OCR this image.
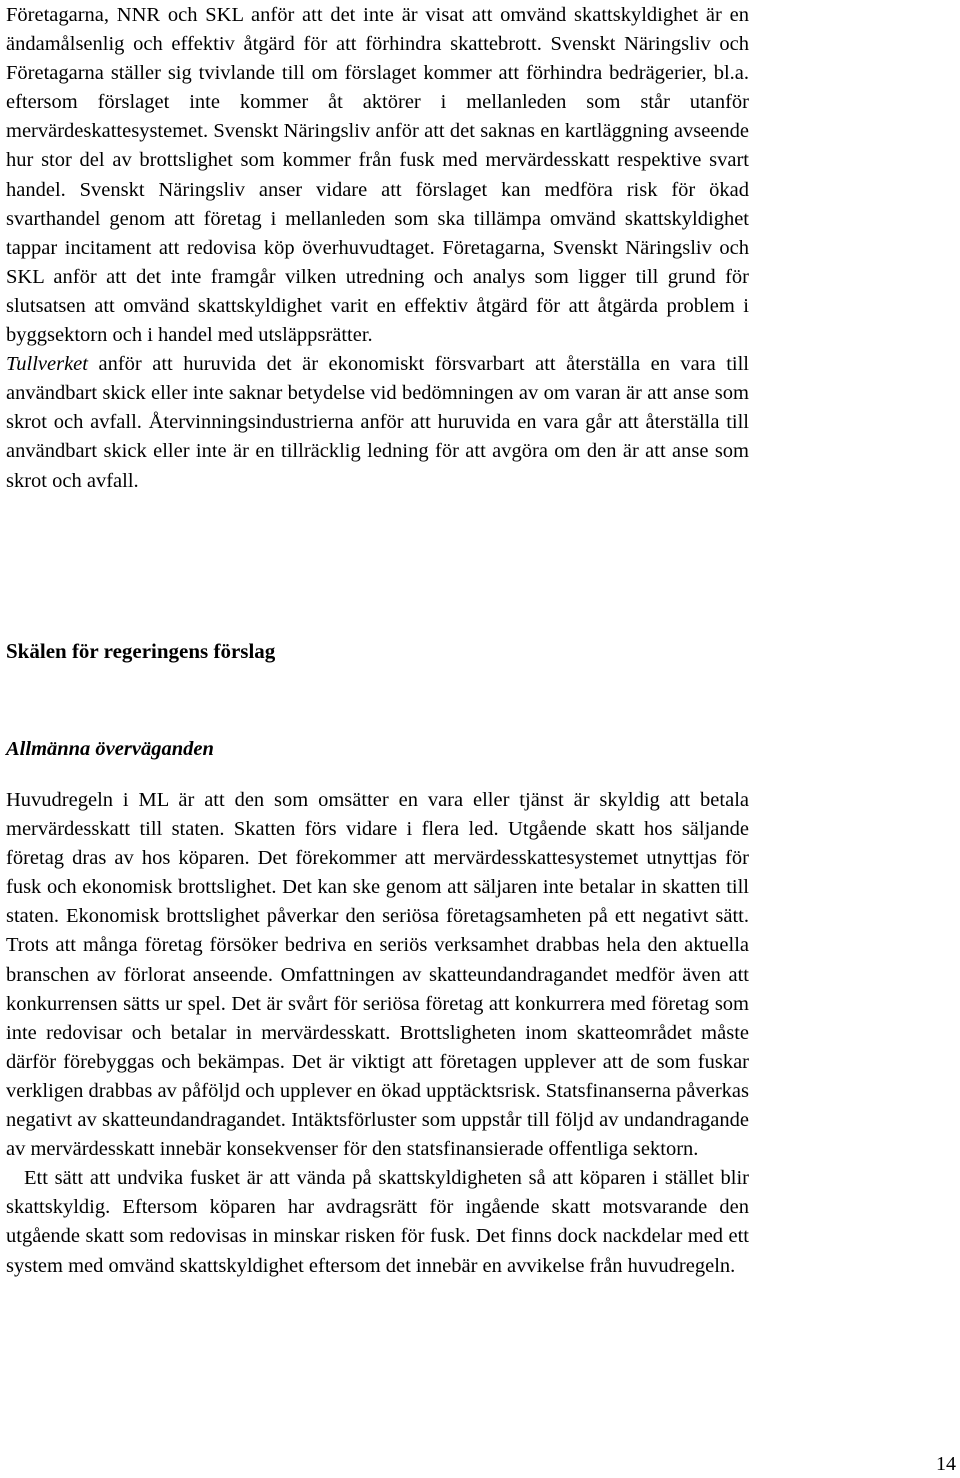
Företagarna, NNR och SKL anför att det inte är visat att omvänd skattskyldighet är en ändamålsenlig och effektiv åtgärd för att förhindra skattebrott. Svenskt Näringsliv och Företagarna ställer sig tvivlande till om förslaget kommer att förhindra bedrägerier, bl.a. eftersom förslaget inte kommer åt aktörer i mellanleden som står utanför mervärdeskattesystemet. Svenskt Näringsliv anför att det saknas en kartläggning avseende hur stor del av brottslighet som kommer från fusk med mervärdesskatt respektive svart handel. Svenskt Näringsliv anser vidare att förslaget kan medföra risk för ökad svarthandel genom att företag i mellanleden som ska tillämpa omvänd skattskyldighet tappar incitament att redovisa köp överhuvudtaget. Företagarna, Svenskt Näringsliv och SKL anför att det inte framgår vilken utredning och analys som ligger till grund för slutsatsen att omvänd skattskyldighet varit en effektiv åtgärd för att åtgärda problem i byggsektorn och i handel med utsläppsrätter.

Tullverket anför att huruvida det är ekonomiskt försvarbart att återställa en vara till användbart skick eller inte saknar betydelse vid bedömningen av om varan är att anse som skrot och avfall. Återvinningsindustrierna anför att huruvida en vara går att återställa till användbart skick eller inte är en tillräcklig ledning för att avgöra om den är att anse som skrot och avfall.

Skälen för regeringens förslag
Allmänna överväganden

Huvudregeln i ML är att den som omsätter en vara eller tjänst är skyldig att betala mervärdesskatt till staten. Skatten förs vidare i flera led. Utgående skatt hos säljande företag dras av hos köparen. Det förekommer att mervärdesskattesystemet utnyttjas för fusk och ekonomisk brottslighet. Det kan ske genom att säljaren inte betalar in skatten till staten. Ekonomisk brottslighet påverkar den seriösa företagsamheten på ett negativt sätt. Trots att många företag försöker bedriva en seriös verksamhet drabbas hela den aktuella branschen av förlorat anseende. Omfattningen av skatteundandragandet medför även att konkurrensen sätts ur spel. Det är svårt för seriösa företag att konkurrera med företag som inte redovisar och betalar in mervärdesskatt. Brottsligheten inom skatteområdet måste därför förebyggas och bekämpas. Det är viktigt att företagen upplever att de som fuskar verkligen drabbas av påföljd och upplever en ökad upptäcktsrisk. Statsfinanserna påverkas negativt av skatteundandragandet. Intäktsförluster som uppstår till följd av undandragande av mervärdesskatt innebär konsekvenser för den statsfinansierade offentliga sektorn.

Ett sätt att undvika fusket är att vända på skattskyldigheten så att köparen i stället blir skattskyldig. Eftersom köparen har avdragsrätt för ingående skatt motsvarande den utgående skatt som redovisas in minskar risken för fusk. Det finns dock nackdelar med ett system med omvänd skattskyldighet eftersom det innebär en avvikelse från huvudregeln.

14
